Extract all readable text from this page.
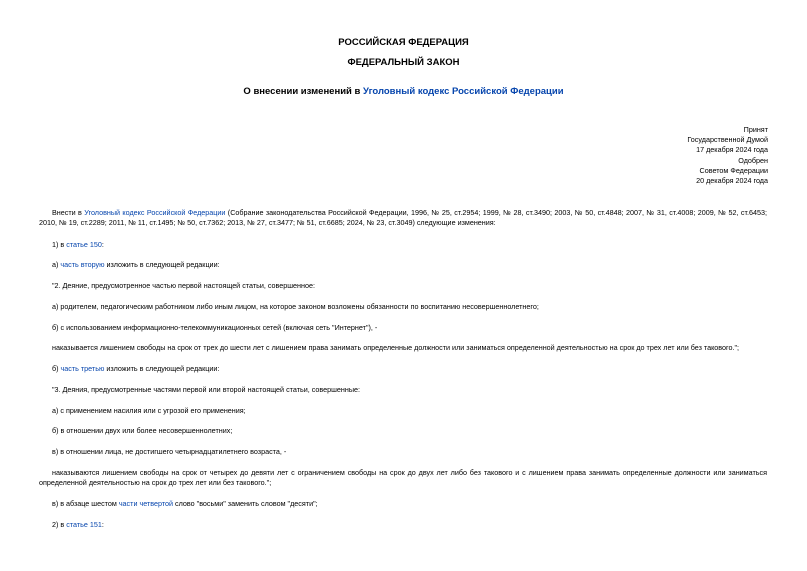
РОССИЙСКАЯ ФЕДЕРАЦИЯ
ФЕДЕРАЛЬНЫЙ ЗАКОН
О внесении изменений в Уголовный кодекс Российской Федерации
Принят
Государственной Думой
17 декабря 2024 года
Одобрен
Советом Федерации
20 декабря 2024 года
Внести в Уголовный кодекс Российской Федерации (Собрание законодательства Российской Федерации, 1996, № 25, ст.2954; 1999, № 28, ст.3490; 2003, № 50, ст.4848; 2007, № 31, ст.4008; 2009, № 52, ст.6453; 2010, № 19, ст.2289; 2011, № 11, ст.1495; № 50, ст.7362; 2013, № 27, ст.3477; № 51, ст.6685; 2024, № 23, ст.3049) следующие изменения:
1) в статье 150:
а) часть вторую изложить в следующей редакции:
"2. Деяние, предусмотренное частью первой настоящей статьи, совершенное:
а) родителем, педагогическим работником либо иным лицом, на которое законом возложены обязанности по воспитанию несовершеннолетнего;
б) с использованием информационно-телекоммуникационных сетей (включая сеть "Интернет"), -
наказывается лишением свободы на срок от трех до шести лет с лишением права занимать определенные должности или заниматься определенной деятельностью на срок до трех лет или без такового.";
б) часть третью изложить в следующей редакции:
"3. Деяния, предусмотренные частями первой или второй настоящей статьи, совершенные:
а) с применением насилия или с угрозой его применения;
б) в отношении двух или более несовершеннолетних;
в) в отношении лица, не достигшего четырнадцатилетнего возраста, -
наказываются лишением свободы на срок от четырех до девяти лет с ограничением свободы на срок до двух лет либо без такового и с лишением права занимать определенные должности или заниматься определенной деятельностью на срок до трех лет или без такового.";
в) в абзаце шестом части четвертой слово "восьми" заменить словом "десяти";
2) в статье 151:
